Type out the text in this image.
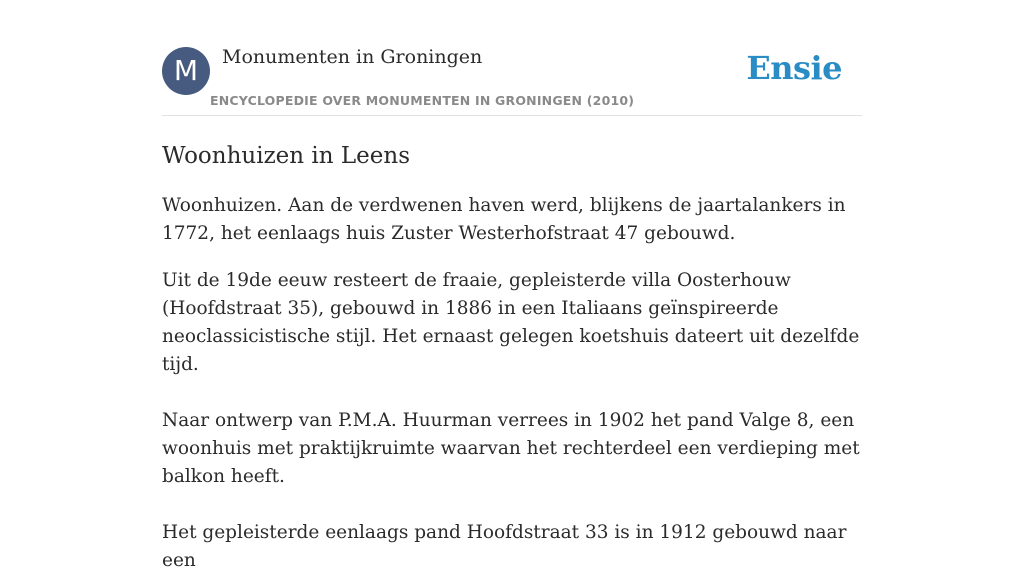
M	Monumenten in Groningen
ENCYCLOPEDIE OVER MONUMENTEN IN GRONINGEN (2010)
Ensie
Woonhuizen in Leens

Woonhuizen. Aan de verdwenen haven werd, blijkens de jaartalankers in 1772, het eenlaags huis Zuster Westerhofstraat 47 gebouwd.

Uit de 19de eeuw resteert de fraaie, gepleisterde villa Oosterhouw (Hoofdstraat 35), gebouwd in 1886 in een Italiaans geïnspireerde neoclassicistische stijl. Het ernaast gelegen koetshuis dateert uit dezelfde tijd.

Naar ontwerp van P.M.A. Huurman verrees in 1902 het pand Valge 8, een woonhuis met praktijkruimte waarvan het rechterdeel een verdieping met balkon heeft.

Het gepleisterde eenlaags pand Hoofdstraat 33 is in 1912 gebouwd naar een
